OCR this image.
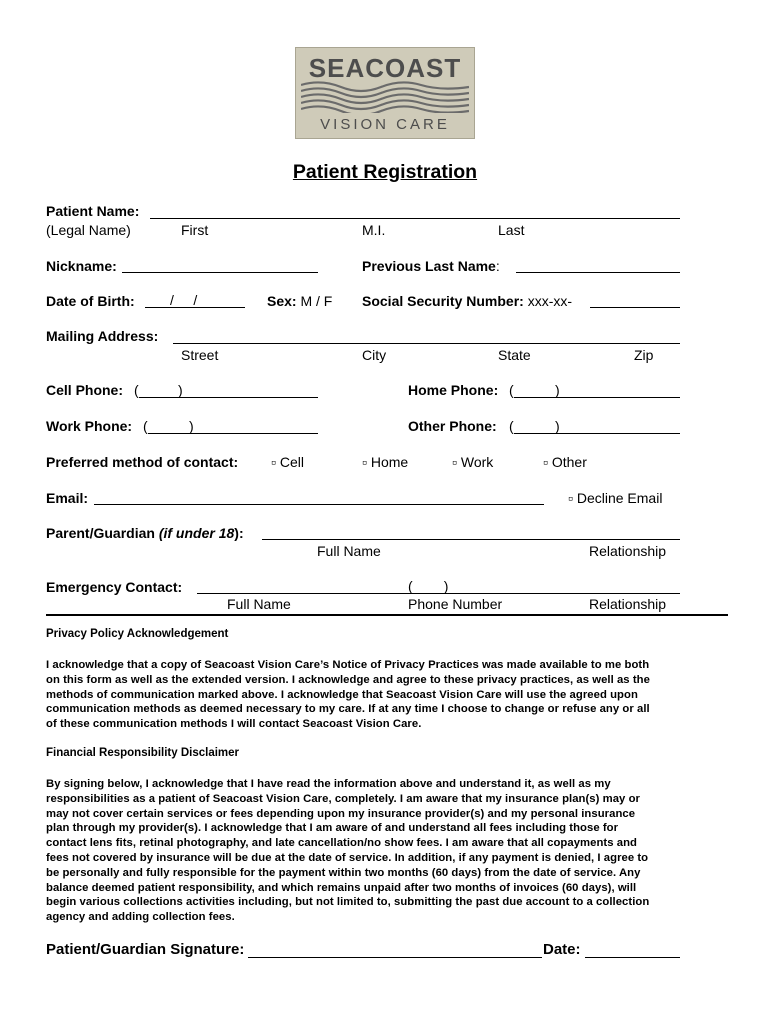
SEACOAST
VISION CARE
Patient Registration
Patient Name:
(Legal Name)	First	M.I.	Last
Nickname:	Previous Last Name:
Date of Birth:	/     /	Sex: M / F Social Security Number: xxx-xx-
Mailing Address:
Street	City	State	Zip
Cell Phone: (	)	Home Phone: (	)
Work Phone: (	)	Other Phone: (	)
Preferred method of contact: ▫ Cell	▫ Home	▫ Work	▫ Other
Email:	▫ Decline Email
Parent/Guardian (if under 18):
Full Name	Relationship
Emergency Contact:	(        )
Full Name	Phone Number	Relationship
Privacy Policy Acknowledgement
I acknowledge that a copy of Seacoast Vision Care’s Notice of Privacy Practices was made available to me both
on this form as well as the extended version. I acknowledge and agree to these privacy practices, as well as the
methods of communication marked above. I acknowledge that Seacoast Vision Care will use the agreed upon
communication methods as deemed necessary to my care. If at any time I choose to change or refuse any or all
of these communication methods I will contact Seacoast Vision Care.
Financial Responsibility Disclaimer
By signing below, I acknowledge that I have read the information above and understand it, as well as my
responsibilities as a patient of Seacoast Vision Care, completely. I am aware that my insurance plan(s) may or
may not cover certain services or fees depending upon my insurance provider(s) and my personal insurance
plan through my provider(s). I acknowledge that I am aware of and understand all fees including those for
contact lens fits, retinal photography, and late cancellation/no show fees. I am aware that all copayments and
fees not covered by insurance will be due at the date of service. In addition, if any payment is denied, I agree to
be personally and fully responsible for the payment within two months (60 days) from the date of service. Any
balance deemed patient responsibility, and which remains unpaid after two months of invoices (60 days), will
begin various collections activities including, but not limited to, submitting the past due account to a collection
agency and adding collection fees.
Patient/Guardian Signature:	Date:
